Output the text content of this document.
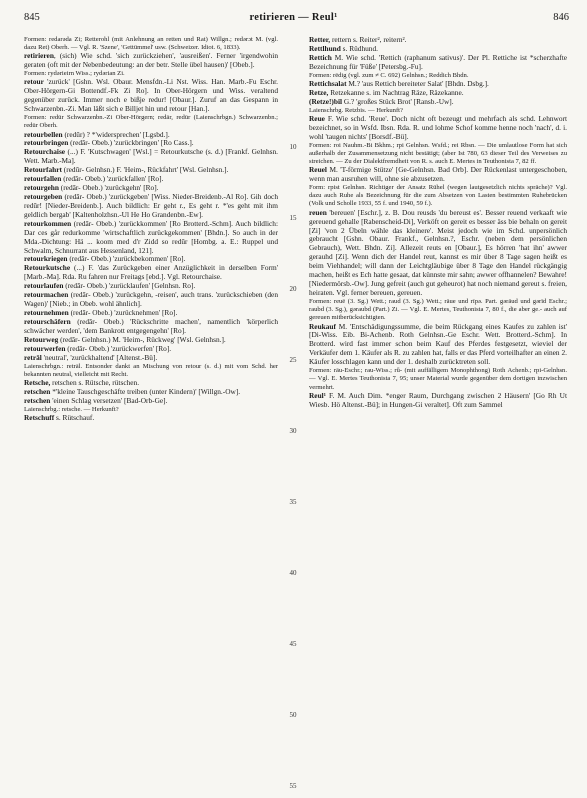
845	retirieren — Reul¹	846

Formen: redarəda Zi; Retterohl (mit Anlehnung an retten und Rat) Willgn.; redərɔt M. (vgl. dazu Ret) Oberh. — Vgl. R. 'Szene', 'Gettümmel' usw. (Schweizer. Idiot. 6, 1833).

retirieren, (sich) Wie schd. 'sich zurückziehen', 'ausreißen'. Ferner 'irgendwohin geraten (oft mit der Nebenbedeutung: an der betr. Stelle übel hausen)' [Obeb.].

Formen: rydərieirn Wiss.; rydərian Zi.

retour 'zurück' [Gshn. Wsl. Obaur. Mensfdn.-Li Nst. Wiss. Han. Marb.-Fu Eschr. Ober-Hörgern-Gi Bottendf.-Fk Zi Ro]. In Ober-Hörgern und Wiss. veraltend gegenüber zurück. Immer noch e bißje redur! [Obaur.]. Zuruf an das Gespann in Schwarzenbn.-Zi. Man läßt sich e Billjet hin und retour [Han.].

Formen: redūr Schwarzenbn.-Zi Ober-Hörgern; redār, redūr (Laienschrbgn.) Schwarzenbn.; redūr Oberh.

retourbellen (redūr) ? *'widersprechen' [Lgsbd.].

retourbringen (redār- Obeb.) 'zurückbringen' [Ro Cass.].

Retourchaise (...) F. 'Kutschwagen' [Wsl.] = Retourkutsche (s. d.) [Frankf. Gelnhsn. Wett. Marb.-Ma].

Retourfahrt (redūr- Gelnhsn.) F. 'Heim-, Rückfahrt' [Wsl. Gelnhsn.].

retourfallen (redār- Obeb.) 'zurückfallen' [Ro].

retourgehn (redār- Obeb.) 'zurückgehn' [Ro].

retourgeben (redār- Obeb.) 'zurückgeben' [Wiss. Nieder-Breidenb.-Al Ro]. Gih doch redūr! [Nieder-Breidenb.]. Auch bildlich: Er geht r., Es geht r. *'es geht mit ihm geldlich bergab' [Kaltenholzhsn.-Ul He Ho Grandenbn.-Ew].

retourkommen (redār- Obeb.) 'zurückkommen' [Ro Brotterd.-Schm]. Auch bildlich: Dar ces går redurkomme 'wirtschaftlich zurückgekommen' [Bhdn.]. So auch in der Mda.-Dichtung: Hä ... koom med d'r Zidd so redūr [Hombg. a. E.: Ruppel und Schwalm, Schnurrant aus Hessenland, 121].

retourkriegen (redār- Obeb.) 'zurückbekommen' [Ro].

Retourkutsche (...) F. 'das Zurückgeben einer Anzüglichkeit in derselben Form' [Marb.-Ma]. Rda. Ru fahren nur Freitags [ebd.]. Vgl. Retourchaise.

retourlaufen (redār- Obeb.) 'zurücklaufen' [Gelnhsn. Ro].

retourmachen (redār- Obeb.) 'zurückgehn, -reisen', auch trans. 'zurückschieben (den Wagen)' [Nieb.; in Obeb. wohl ähnlich].

retournehmen (redār- Obeb.) 'zurücknehmen' [Ro].

retourschäfern (redār- Obeb.) 'Rückschritte machen', namentlich 'körperlich schwächer werden', 'dem Bankrott entgegengehn' [Ro].

Retourweg (redār- Gelnhsn.) M. 'Heim-, Rückweg' [Wsl. Gelnhsn.].

retourwerfen (redār- Obeb.) 'zurückwerfen' [Ro].

retrāl 'neutral', 'zurückhaltend' [Altenst.-Bü].

Laienschrbgn.: retrāl. Entsonder dankt an Mischung von retour (s. d.) mit vom Schd. her bekannten neutral, vielleicht mit Recht.

Retsche, retschen s. Rütsche, rütschen.

retschen *'kleine Tauschgeschäfte treiben (unter Kindern)' [Willgn.-Ow].

retschen 'einen Schlag versetzen' [Bad-Orb-Ge].

Laienschrbg.: retsche. — Herkunft?

Retschuff s. Rütschauf.

10
15
20
25
30
35
40
45
50
55

Retter, rettern s. Reiter², reitern².

Rettlhund s. Rüdhund.

Rettich M. Wie schd. 'Rettich (raphanum sativus)'. Der Pl. Rettiche ist *scherzhafte Bezeichnung für 'Füße' [Petersbg.-Fu].

Formen: rēdig (vgl. zum ≠ C. 692) Gelnhsn.; Reddich Bhdn.

Rettichsalat M.? 'aus Rettich bereiteter Salat' [Bhdn. Dsbg.].

Retze, Retzekanne s. im Nachtrag Räze, Räzekanne.

(Retze!)bil G.? 'großes Stück Brot' [Ransb.-Uw].

Laienschrbg. Retzbis. — Herkunft?

Reue F. Wie schd. 'Reue'. Doch nicht oft bezeugt und mehrfach als schd. Lehnwort bezeichnet, so in Wsfd. Ibsn. Rda. R. und lohme Schof komme henne noch 'nach', d. i. wohl 'taugen nichts' [Borsdf.-Bü].

Formen: roi Nauhm.-Bi Bkhm.; rpi Gelnhsn. Wsfd.; rei Rbsn. — Die umlautlose Form hat sich außerhalb der Zusammensetzung nicht bestätigt; (aber Ist 780, 63 dieser Teil des Verweises zu streichen. — Zu der Dialektfremdheit von R. s. auch E. Mertes in Teuthonista 7, 82 ff.

Reuel M. 'T-förmige Stütze' [Ge-Gelnhsn. Bad Orb]. Der Rückenlast untergeschoben, wenn man ausruhen will, ohne sie abzusetzen.

Form: rpist Gelnhsn. Richtiger der Ansatz Rühel (wegen lautgesetzlich nichts spräche)? Vgl. dazu auch Ruhe als Bezeichnung für die zum Absetzen von Lasten bestimmten Ruhebrücken (Volk und Scholle 1933, 55 f. und 1940, 59 f.).

reuen 'bereuen' [Eschr.], z. B. Dou reusds 'du bereust es'. Besser reuend verkaaft wie gereuend gehalle [Rabenscheid-Di], Verköft on gereit es besser äss bie behaln on gereit [Zi] 'von 2 Übeln wähle das kleinere'. Meist jedoch wie im Schd. unpersönlich gebraucht [Gshn. Obaur. Frankf., Gelnhsn.?, Eschr. (neben dem persönlichen Gebrauch), Wett. Bhdn. Zi]. Allezeit reuts en [Obaur.], Es hörren 'hat ihn' awwer gerauhd [Zi]. Wenn dich der Handel reut, kannst es mir über 8 Tage sagen heißt es beim Viehhandel; will dann der Leichtgläubige über 8 Tage den Handel rückgängig machen, heißt es Ech hatte gesaat, dat künnste mir sahn; awwer offhannelen? Bewahre! [Niedermörsb.-Ow]. Jung gefreit (auch gut geheurot) hat noch niemand gereut s. freien, heiraten. Vgl. ferner bereuen, gereuen.

Formen: reuē (3. Sg.) Wett.; raud (3. Sg.) Wett.; räue und rīpə. Part. gəräud und gərīd Eschr.; raubd (3. Sg.), gəraubd (Part.) Zi. — Vgl. E. Mertes, Teuthonista 7, 80 f., die aber ge.- auch auf gereuen mitberücksichtigten.

Reukauf M. 'Entschädigungssumme, die beim Rückgang eines Kaufes zu zahlen ist' [Di-Wiss. Eib. Bi-Achenb. Roth Gelnhsn.-Ge Eschr. Wett. Brotterd.-Schm]. In Brotterd. wird fast immer schon beim Kauf des Pferdes festgesetzt, wieviel der Verkäufer dem 1. Käufer als R. zu zahlen hat, falls er das Pferd vorteilhafter an einen 2. Käufer losschlagen kann und der 1. deshalb zurücktreten soll.

Formen: rāu-Eschr.; rau-Wiss.; rǖ- (mit auffälligem Monophthong) Roth Achenb.; rpi-Gelnhsn. — Vgl. E. Mertes Teuthonista 7, 95; unser Material wurde gegenüber dem dortigen inzwischen vermehrt.

Reul¹ F. M. Auch Dim. *enger Raum, Durchgang zwischen 2 Häusern' [Go Rh Ut Wiesb. Hö Altenst.-Bü]; in Hungen-Gi veraltet]. Oft zum Sammel
